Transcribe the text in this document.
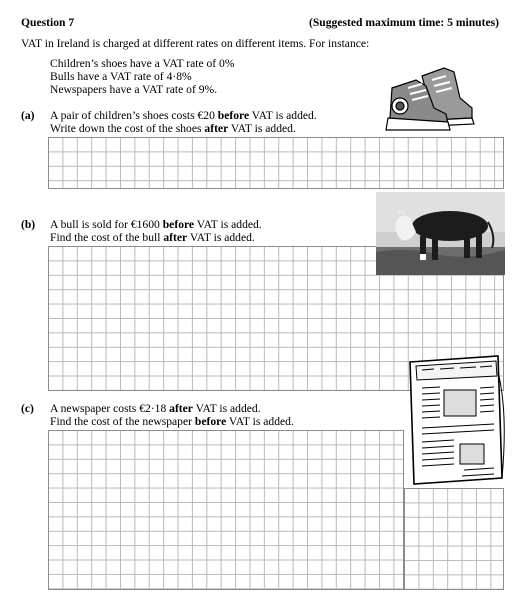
Question 7	(Suggested maximum time: 5 minutes)
VAT in Ireland is charged at different rates on different items. For instance:
Children’s shoes have a VAT rate of 0%
Bulls have a VAT rate of 4·8%
Newspapers have a VAT rate of 9%.
(a) A pair of children’s shoes costs €20 before VAT is added.
Write down the cost of the shoes after VAT is added.
(b) A bull is sold for €1600 before VAT is added.
Find the cost of the bull after VAT is added.
(c) A newspaper costs €2·18 after VAT is added.
Find the cost of the newspaper before VAT is added.
